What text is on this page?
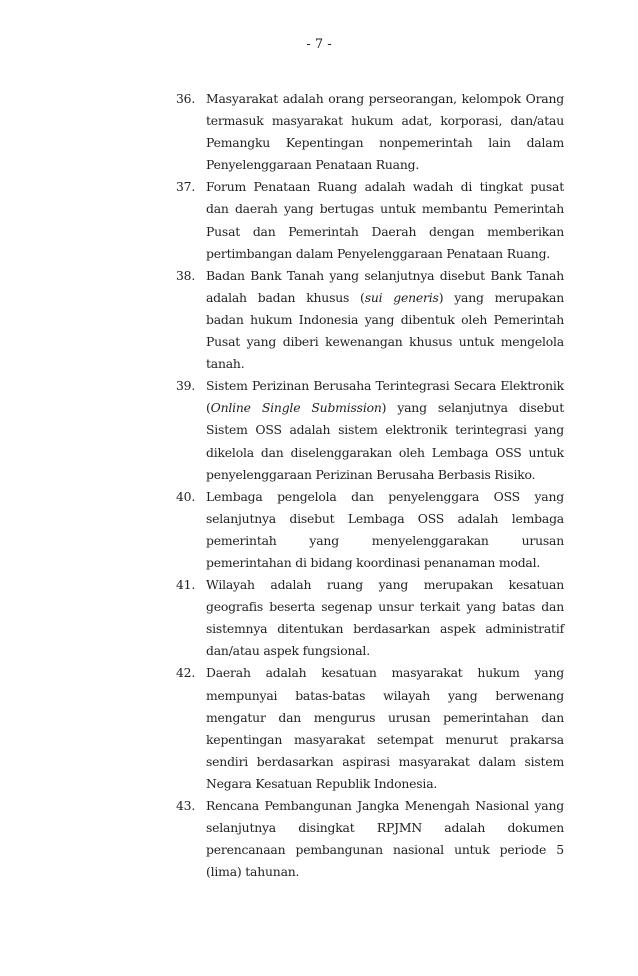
- 7 -
36. Masyarakat adalah orang perseorangan, kelompok Orang
termasuk masyarakat hukum adat, korporasi, dan/atau
Pemangku Kepentingan nonpemerintah lain dalam
Penyelenggaraan Penataan Ruang.
37. Forum Penataan Ruang adalah wadah di tingkat pusat
dan daerah yang bertugas untuk membantu Pemerintah
Pusat dan Pemerintah Daerah dengan memberikan
pertimbangan dalam Penyelenggaraan Penataan Ruang.
38. Badan Bank Tanah yang selanjutnya disebut Bank Tanah
adalah badan khusus (sui generis) yang merupakan
badan hukum Indonesia yang dibentuk oleh Pemerintah
Pusat yang diberi kewenangan khusus untuk mengelola
tanah.
39. Sistem Perizinan Berusaha Terintegrasi Secara Elektronik
(Online Single Submission) yang selanjutnya disebut
Sistem OSS adalah sistem elektronik terintegrasi yang
dikelola dan diselenggarakan oleh Lembaga OSS untuk
penyelenggaraan Perizinan Berusaha Berbasis Risiko.
40. Lembaga pengelola dan penyelenggara OSS yang
selanjutnya disebut Lembaga OSS adalah lembaga
pemerintah yang menyelenggarakan urusan
pemerintahan di bidang koordinasi penanaman modal.
41. Wilayah adalah ruang yang merupakan kesatuan
geografis beserta segenap unsur terkait yang batas dan
sistemnya ditentukan berdasarkan aspek administratif
dan/atau aspek fungsional.
42. Daerah adalah kesatuan masyarakat hukum yang
mempunyai batas-batas wilayah yang berwenang
mengatur dan mengurus urusan pemerintahan dan
kepentingan masyarakat setempat menurut prakarsa
sendiri berdasarkan aspirasi masyarakat dalam sistem
Negara Kesatuan Republik Indonesia.
43. Rencana Pembangunan Jangka Menengah Nasional yang
selanjutnya disingkat RPJMN adalah dokumen
perencanaan pembangunan nasional untuk periode 5
(lima) tahunan.
